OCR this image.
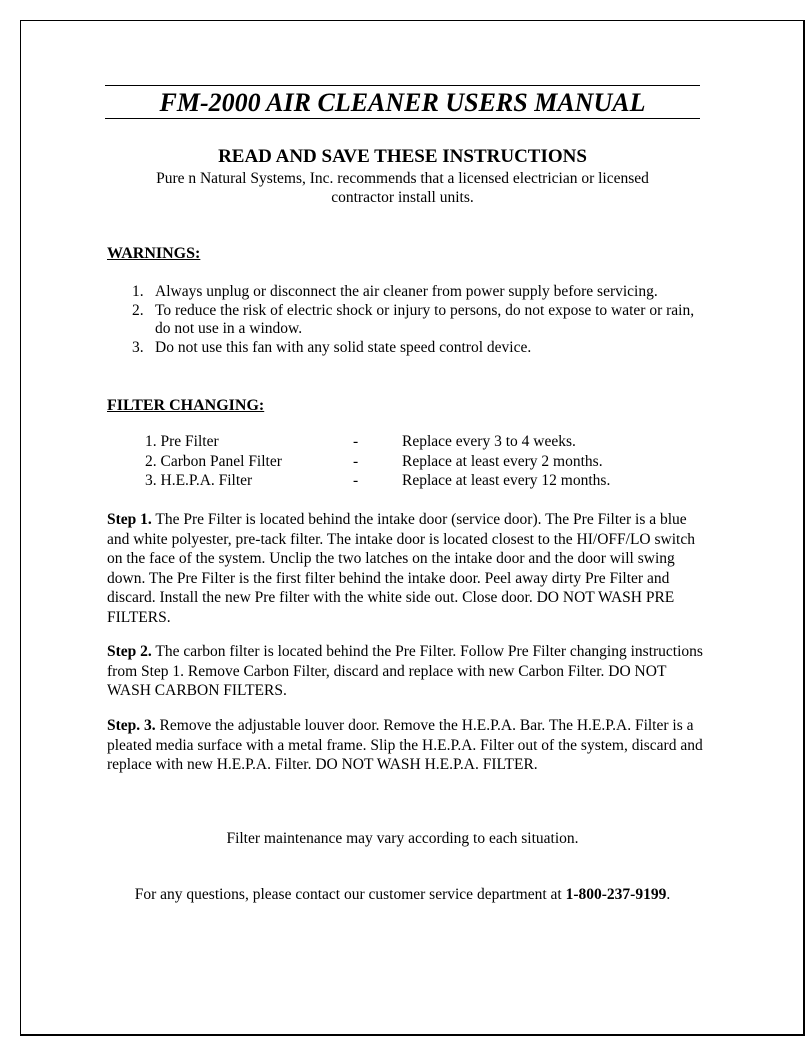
FM-2000 AIR CLEANER USERS MANUAL
READ AND SAVE THESE INSTRUCTIONS
Pure n Natural Systems, Inc. recommends that a licensed electrician or licensed
contractor install units.
WARNINGS:
1. Always unplug or disconnect the air cleaner from power supply before servicing.
2. To reduce the risk of electric shock or injury to persons, do not expose to water or rain, do not use in a window.
3. Do not use this fan with any solid state speed control device.
FILTER CHANGING:
1. Pre Filter	-	Replace every 3 to 4 weeks.
2. Carbon Panel Filter	-	Replace at least every 2 months.
3. H.E.P.A. Filter	-	Replace at least every 12 months.
Step 1. The Pre Filter is located behind the intake door (service door). The Pre Filter is a blue and white polyester, pre-tack filter. The intake door is located closest to the HI/OFF/LO switch on the face of the system. Unclip the two latches on the intake door and the door will swing down. The Pre Filter is the first filter behind the intake door. Peel away dirty Pre Filter and discard. Install the new Pre filter with the white side out. Close door. DO NOT WASH PRE FILTERS.
Step 2. The carbon filter is located behind the Pre Filter. Follow Pre Filter changing instructions from Step 1. Remove Carbon Filter, discard and replace with new Carbon Filter. DO NOT WASH CARBON FILTERS.
Step. 3. Remove the adjustable louver door. Remove the H.E.P.A. Bar. The H.E.P.A. Filter is a pleated media surface with a metal frame. Slip the H.E.P.A. Filter out of the system, discard and replace with new H.E.P.A. Filter. DO NOT WASH H.E.P.A. FILTER.
Filter maintenance may vary according to each situation.
For any questions, please contact our customer service department at 1-800-237-9199.
